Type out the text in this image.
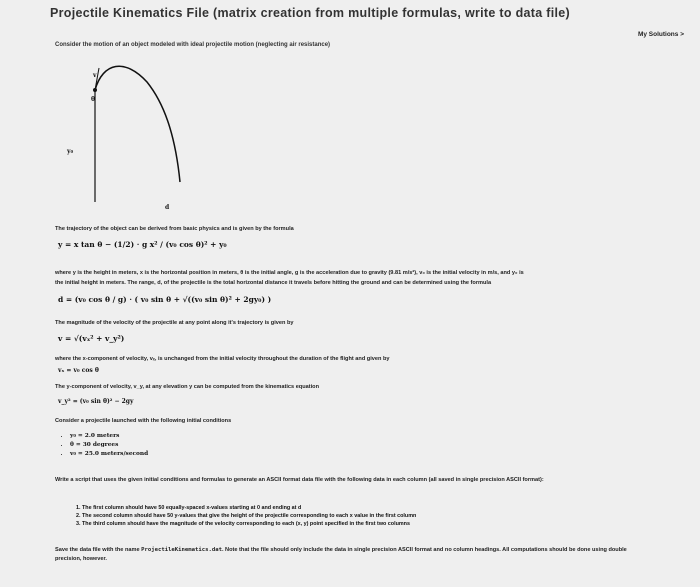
Projectile Kinematics File (matrix creation from multiple formulas, write to data file)
My Solutions >
Consider the motion of an object modeled with ideal projectile motion (neglecting air resistance)
v
θ
y₀
d
The trajectory of the object can be derived from basic physics and is given by the formula
y = x tan θ − (1/2) · g x² / (v₀ cos θ)² + y₀
where y is the height in meters, x is the horizontal position in meters, θ is the initial angle, g is the acceleration due to gravity (9.81 m/s²), v₀ is the initial velocity in m/s, and y₀ is
the initial height in meters. The range, d, of the projectile is the total horizontal distance it travels before hitting the ground and can be determined using the formula
d = (v₀ cos θ / g) · ( v₀ sin θ + √((v₀ sin θ)² + 2gy₀) )
The magnitude of the velocity of the projectile at any point along it's trajectory is given by
v = √(vₓ² + v_y²)
where the x-component of velocity, vₓ, is unchanged from the initial velocity throughout the duration of the flight and given by
vₓ = v₀ cos θ
The y-component of velocity, v_y, at any elevation y can be computed from the kinematics equation
v_y² = (v₀ sin θ)² − 2gy
Consider a projectile launched with the following initial conditions
• y₀ = 2.0 meters
• θ = 30 degrees
• v₀ = 25.0 meters/second
Write a script that uses the given initial conditions and formulas to generate an ASCII format data file with the following data in each column (all saved in single precision ASCII format):
1. The first column should have 50 equally-spaced x-values starting at 0 and ending at d
2. The second column should have 50 y-values that give the height of the projectile corresponding to each x value in the first column
3. The third column should have the magnitude of the velocity corresponding to each (x, y) point specified in the first two columns
Save the data file with the name ProjectileKinematics.dat. Note that the file should only include the data in single precision ASCII format and no column headings. All computations should be done using double precision, however.
